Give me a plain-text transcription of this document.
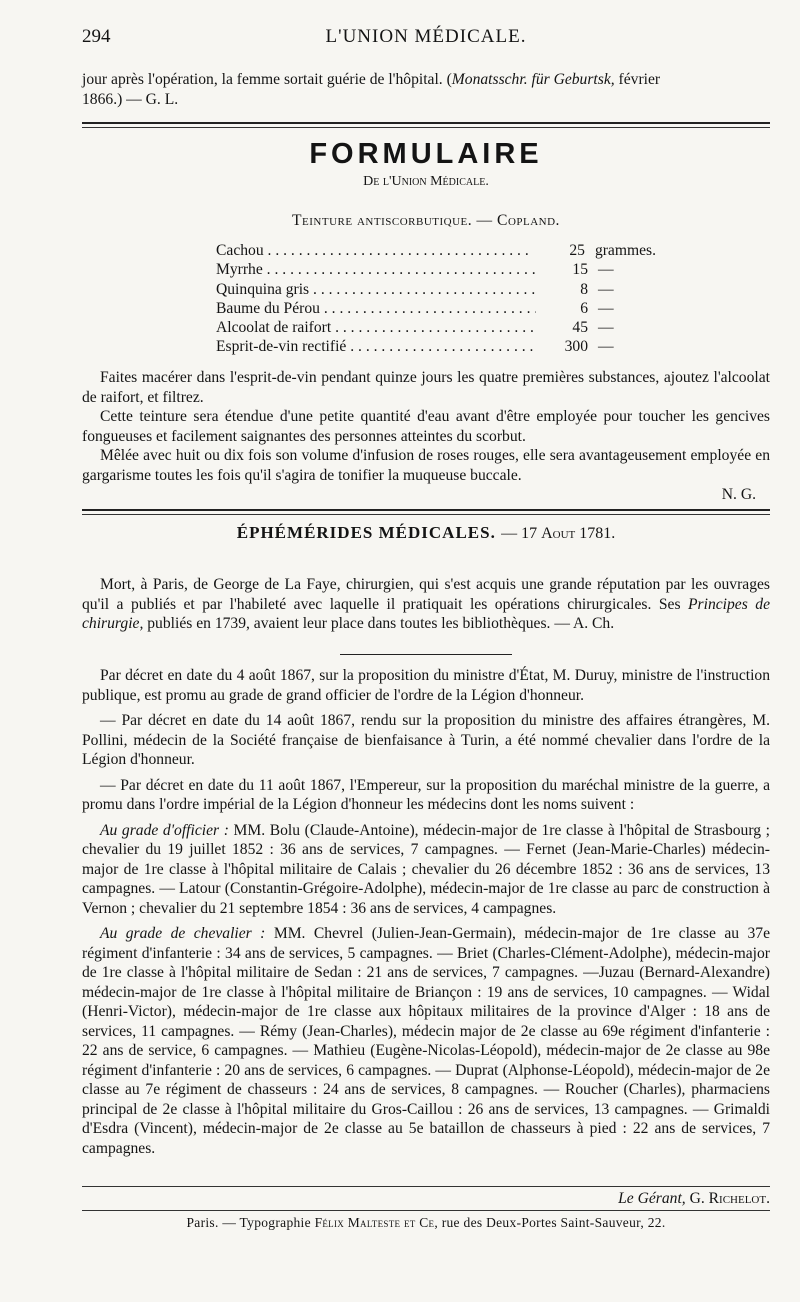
294	L'UNION MÉDICALE.

jour après l'opération, la femme sortait guérie de l'hôpital. (Monatsschr. für Geburtsk, février
1866.) — G. L.

FORMULAIRE
De l'Union Médicale.
Teinture antiscorbutique. — Copland.
Cachou . . .	25 grammes.
Myrrhe . . .	15 —
Quinquina gris . . .	8 —
Baume du Pérou . . .	6 —
Alcoolat de raifort . . .	45 —
Esprit-de-vin rectifié . . .	300 —

Faites macérer dans l'esprit-de-vin pendant quinze jours les quatre premières substances, ajoutez l'alcoolat de raifort, et filtrez.

Cette teinture sera étendue d'une petite quantité d'eau avant d'être employée pour toucher les gencives fongueuses et facilement saignantes des personnes atteintes du scorbut.

Mêlée avec huit ou dix fois son volume d'infusion de roses rouges, elle sera avantageusement employée en gargarisme toutes les fois qu'il s'agira de tonifier la muqueuse buccale.

N. G.

ÉPHÉMÉRIDES MÉDICALES. — 17 Aout 1781.

Mort, à Paris, de George de La Faye, chirurgien, qui s'est acquis une grande réputation par les ouvrages qu'il a publiés et par l'habileté avec laquelle il pratiquait les opérations chirurgicales. Ses Principes de chirurgie, publiés en 1739, avaient leur place dans toutes les bibliothèques. — A. Ch.

Par décret en date du 4 août 1867, sur la proposition du ministre d'État, M. Duruy, ministre de l'instruction publique, est promu au grade de grand officier de l'ordre de la Légion d'honneur.

— Par décret en date du 14 août 1867, rendu sur la proposition du ministre des affaires étrangères, M. Pollini, médecin de la Société française de bienfaisance à Turin, a été nommé chevalier dans l'ordre de la Légion d'honneur.

— Par décret en date du 11 août 1867, l'Empereur, sur la proposition du maréchal ministre de la guerre, a promu dans l'ordre impérial de la Légion d'honneur les médecins dont les noms suivent :

Au grade d'officier : MM. Bolu (Claude-Antoine), médecin-major de 1re classe à l'hôpital de Strasbourg ; chevalier du 19 juillet 1852 : 36 ans de services, 7 campagnes. — Fernet (Jean-Marie-Charles) médecin-major de 1re classe à l'hôpital militaire de Calais ; chevalier du 26 décembre 1852 : 36 ans de services, 13 campagnes. — Latour (Constantin-Grégoire-Adolphe), médecin-major de 1re classe au parc de construction à Vernon ; chevalier du 21 septembre 1854 : 36 ans de services, 4 campagnes.

Au grade de chevalier : MM. Chevrel (Julien-Jean-Germain), médecin-major de 1re classe au 37e régiment d'infanterie : 34 ans de services, 5 campagnes. — Briet (Charles-Clément-Adolphe), médecin-major de 1re classe à l'hôpital militaire de Sedan : 21 ans de services, 7 campagnes. —Juzau (Bernard-Alexandre) médecin-major de 1re classe à l'hôpital militaire de Briançon : 19 ans de services, 10 campagnes. — Widal (Henri-Victor), médecin-major de 1re classe aux hôpitaux militaires de la province d'Alger : 18 ans de services, 11 campagnes. — Rémy (Jean-Charles), médecin major de 2e classe au 69e régiment d'infanterie : 22 ans de service, 6 campagnes. — Mathieu (Eugène-Nicolas-Léopold), médecin-major de 2e classe au 98e régiment d'infanterie : 20 ans de services, 6 campagnes. — Duprat (Alphonse-Léopold), médecin-major de 2e classe au 7e régiment de chasseurs : 24 ans de services, 8 campagnes. — Roucher (Charles), pharmaciens principal de 2e classe à l'hôpital militaire du Gros-Caillou : 26 ans de services, 13 campagnes. — Grimaldi d'Esdra (Vincent), médecin-major de 2e classe au 5e bataillon de chasseurs à pied : 22 ans de services, 7 campagnes.

Le Gérant, G. Richelot.
Paris. — Typographie Félix Malteste et Ce, rue des Deux-Portes Saint-Sauveur, 22.
